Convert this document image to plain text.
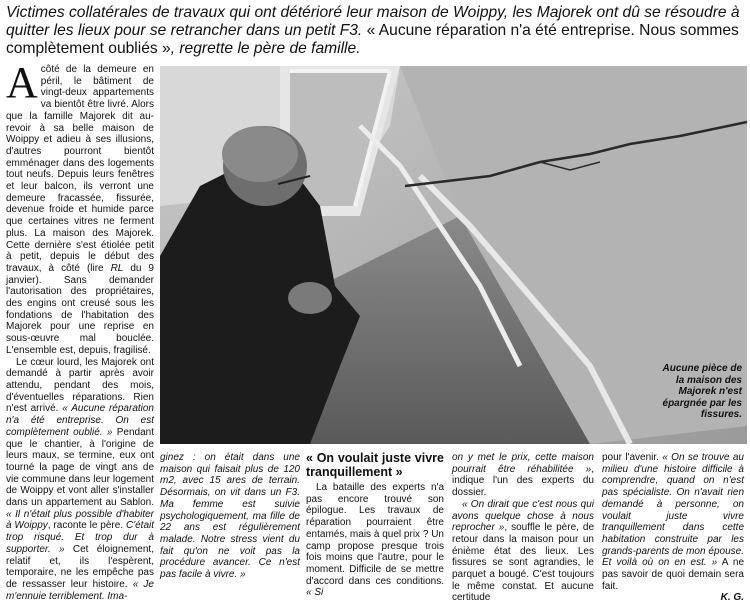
Victimes collatérales de travaux qui ont détérioré leur maison de Woippy, les Majorek ont dû se résoudre à quitter les lieux pour se retrancher dans un petit F3. « Aucune réparation n'a été entreprise. Nous sommes complètement oubliés », regrette le père de famille.
Aucune pièce de la maison des Majorek n'est épargnée par les fissures.

Acôté de la demeure en péril, le bâtiment de vingt-deux appartements va bientôt être livré. Alors que la famille Majorek dit au-revoir à sa belle maison de Woippy et adieu à ses illusions, d'autres pourront bientôt emménager dans des logements tout neufs. Depuis leurs fenêtres et leur balcon, ils verront une demeure fracassée, fissurée, devenue froide et humide parce que certaines vitres ne ferment plus. La maison des Majorek. Cette dernière s'est étiolée petit à petit, depuis le début des travaux, à côté (lire RL du 9 janvier). Sans demander l'autorisation des propriétaires, des engins ont creusé sous les fondations de l'habitation des Majorek pour une reprise en sous-œuvre mal bouclée. L'ensemble est, depuis, fragilisé.

Le cœur lourd, les Majorek ont demandé à partir après avoir attendu, pendant des mois, d'éventuelles réparations. Rien n'est arrivé. « Aucune réparation n'a été entreprise. On est complètement oublié. » Pendant que le chantier, à l'origine de leurs maux, se termine, eux ont tourné la page de vingt ans de vie commune dans leur logement de Woippy et vont aller s'installer dans un appartement au Sablon. « Il n'était plus possible d'habiter à Woippy, raconte le père. C'était trop risqué. Et trop dur à supporter. » Cet éloignement, relatif et, ils l'espèrent, temporaire, ne les empêche pas de ressasser leur histoire. « Je m'ennuie terriblement. Ima-

ginez : on était dans une maison qui faisait plus de 120 m2, avec 15 ares de terrain. Désormais, on vit dans un F3. Ma femme est suivie psychologiquement, ma fille de 22 ans est régulièrement malade. Notre stress vient du fait qu'on ne voit pas la procédure avancer. Ce n'est pas facile à vivre. »

« On voulait juste vivre tranquillement »

La bataille des experts n'a pas encore trouvé son épilogue. Les travaux de réparation pourraient être entamés, mais à quel prix ? Un camp propose presque trois fois moins que l'autre, pour le moment. Difficile de se mettre d'accord dans ces conditions. « Si

on y met le prix, cette maison pourrait être réhabilitée », indique l'un des experts du dossier.

« On dirait que c'est nous qui avons quelque chose à nous reprocher », souffle le père, de retour dans la maison pour un énième état des lieux. Les fissures se sont agrandies, le parquet a bougé. C'est toujours le même constat. Et aucune certitude

pour l'avenir. « On se trouve au milieu d'une histoire difficile à comprendre, quand on n'est pas spécialiste. On n'avait rien demandé à personne, on voulait juste vivre tranquillement dans cette habitation construite par les grands-parents de mon épouse. Et voilà où on en est. » A ne pas savoir de quoi demain sera fait.

K. G.
